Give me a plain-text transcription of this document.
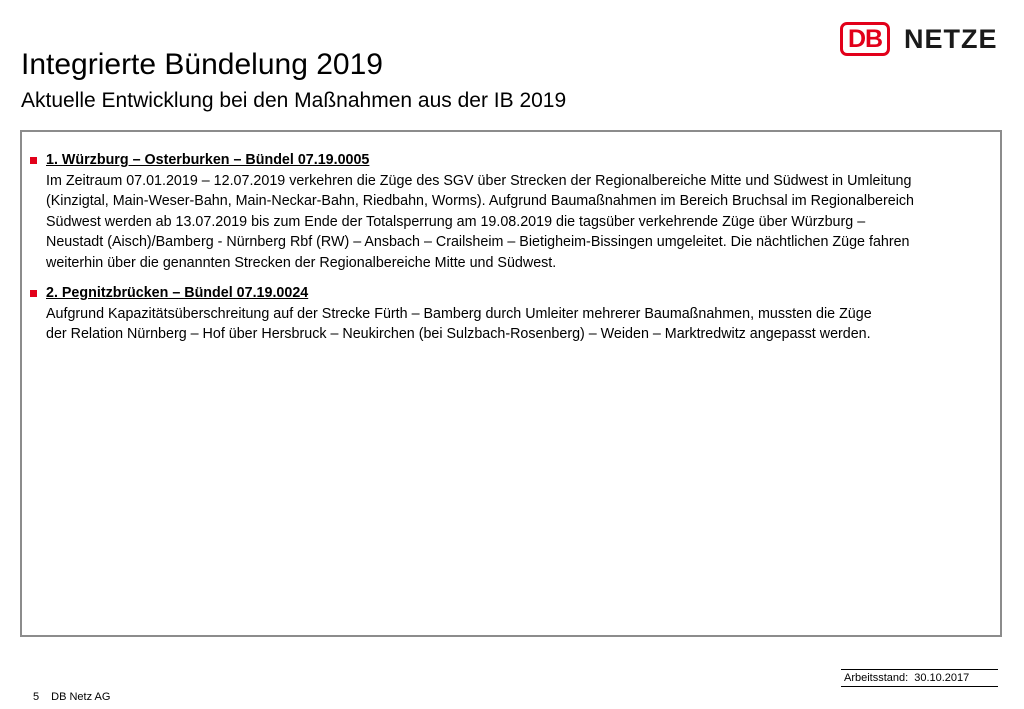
DB NETZE
Integrierte Bündelung 2019
Aktuelle Entwicklung bei den Maßnahmen aus der IB 2019
1. Würzburg – Osterburken – Bündel 07.19.0005
Im Zeitraum 07.01.2019 – 12.07.2019 verkehren die Züge des SGV über Strecken der Regionalbereiche Mitte und Südwest in Umleitung
(Kinzigtal, Main-Weser-Bahn, Main-Neckar-Bahn, Riedbahn, Worms). Aufgrund Baumaßnahmen im Bereich Bruchsal im Regionalbereich
Südwest werden ab 13.07.2019 bis zum Ende der Totalsperrung am 19.08.2019 die tagsüber verkehrende Züge über Würzburg –
Neustadt (Aisch)/Bamberg - Nürnberg Rbf (RW) – Ansbach – Crailsheim – Bietigheim-Bissingen umgeleitet. Die nächtlichen Züge fahren
weiterhin über die genannten Strecken der Regionalbereiche Mitte und Südwest.
2. Pegnitzbrücken – Bündel 07.19.0024
Aufgrund Kapazitätsüberschreitung auf der Strecke Fürth – Bamberg durch Umleiter mehrerer Baumaßnahmen, mussten die Züge
der Relation Nürnberg – Hof über Hersbruck – Neukirchen (bei Sulzbach-Rosenberg) – Weiden – Marktredwitz angepasst werden.
Arbeitsstand: 30.10.2017
5 DB Netz AG
